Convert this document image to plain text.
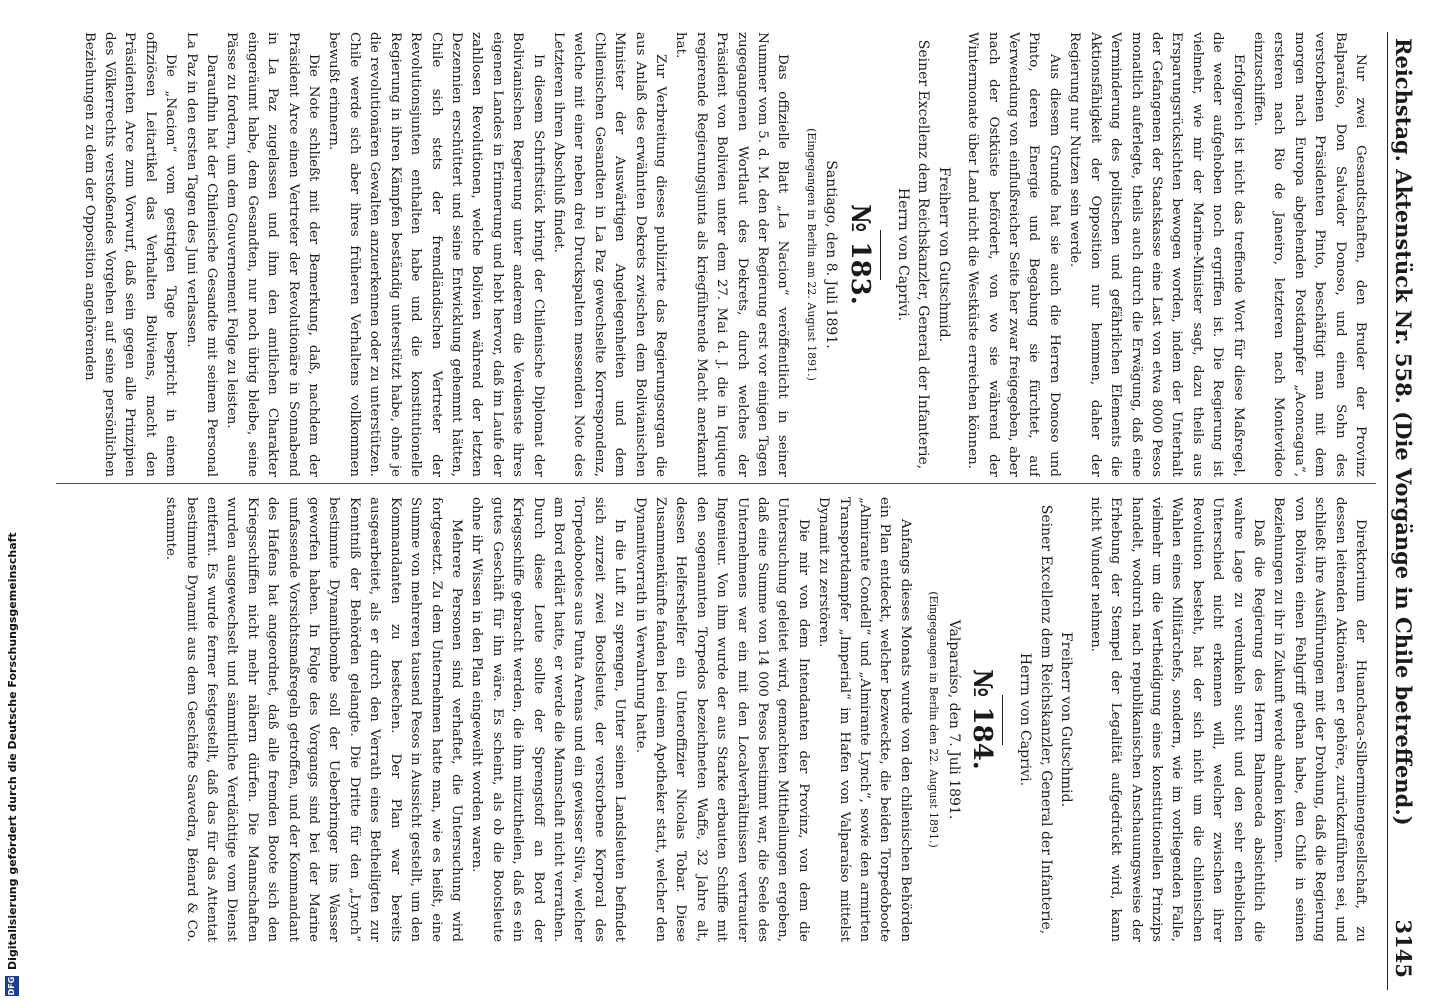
Reichstag. Aktenstück Nr. 558. (Die Vorgänge in Chile betreffend.)
3145

Nur zwei Gesandtschaften, den Bruder der Provinz Balparaíso, Don Salvador Donoso, und einen Sohn des verstorbenen Präsidenten Pinto, beschäftigt man mit dem morgen nach Europa abgehenden Postdampfer „Aconcagua“, ersteren nach Rio de Janeiro, letzteren nach Montevideo einzuschiffen.

Erfolgreich ist nicht das treffende Wort für diese Maßregel, die weder aufgehoben noch ergriffen ist. Die Regierung ist vielmehr, wie mir der Marine-Minister sagt, dazu theils aus Ersparungsrücksichten bewogen worden, indem der Unterhalt der Gefangenen der Staatskasse eine Last von etwa 8000 Pesos monatlich auferlegte, theils auch durch die Erwägung, daß eine Verminderung des politischen und gefährlichen Elements die Aktionsfähigkeit der Opposition nur hemmen, daher der Regierung nur Nutzen sein werde.

Aus diesem Grunde hat sie auch die Herren Donoso und Pinto, deren Energie und Begabung sie fürchtet, auf Verwendung von einflußreicher Seite her zwar freigegeben, aber nach der Ostküste befördert, von wo sie während der Wintermonate über Land nicht die Westküste erreichen können.

Freiherr von Gutschmid.

Seiner Excellenz dem Reichskanzler, General der Infanterie,

Herrn von Caprivi.

№ 183.

Santiago, den 8. Juli 1891.

(Eingegangen in Berlin am 22. August 1891.)

Das offizielle Blatt „La Nacion“ veröffentlicht in seiner Nummer vom 5. d. M. den der Regierung erst vor einigen Tagen zugegangenen Wortlaut des Dekrets, durch welches der Präsident von Bolivien unter dem 27. Mai d. J. die in Iquique regierende Regierungsjunta als kriegführende Macht anerkannt hat.

Zur Verbreitung dieses publizirte das Regierungsorgan die aus Anlaß des erwähnten Dekrets zwischen dem Bolivianischen Minister der Auswärtigen Angelegenheiten und dem Chilenischen Gesandten in La Paz gewechselte Korrespondenz, welche mit einer neben drei Druckspalten messenden Note des Letzteren ihren Abschluß findet.

In diesem Schriftstück bringt der Chilenische Diplomat der Bolivianischen Regierung unter anderem die Verdienste ihres eigenen Landes in Erinnerung und hebt hervor, daß im Laufe der zahllosen Revolutionen, welche Bolivien während der letzten Dezennien erschüttert und seine Entwicklung gehemmt hätten, Chile sich stets der fremdländischen Vertreter der Revolutionsjunten enthalten habe und die konstitutionelle Regierung in ihren Kämpfen beständig unterstützt habe, ohne je die revolutionären Gewalten anzuerkennen oder zu unterstützen. Chile werde sich aber ihres früheren Verhaltens vollkommen bewußt erinnern.

Die Note schließt mit der Bemerkung, daß, nachdem der Präsident Arce einen Vertreter der Revolutionäre in Sonnabend in La Paz zugelassen und ihm den amtlichen Charakter eingeräumt habe, dem Gesandten, nur noch übrig bleibe, seine Pässe zu fordern, um dem Gouvernement Folge zu leisten.

Daraufhin hat der Chilenische Gesandte mit seinem Personal La Paz in den ersten Tagen des Juni verlassen.

Die „Nacion“ vom gestrigen Tage bespricht in einem offiziösen Leitartikel das Verhalten Boliviens, macht den Präsidenten Arce zum Vorwurf, daß sein gegen alle Prinzipien des Völkerrechts verstoßendes Vorgehen auf seine persönlichen Beziehungen zu dem der Opposition angehörenden

Direktorium der Huanchaca-Silberminengesellschaft, zu dessen leitenden Aktionären er gehöre, zurückzuführen sei, und schließt ihre Ausführungen mit der Drohung, daß die Regierung von Bolivien einen Fehlgriff gethan habe, den Chile in seinen Beziehungen zu ihr in Zukunft werde ahnden können.

Daß die Regierung des Herrn Balmaceda absichtlich die wahre Lage zu verdunkeln sucht und den sehr erheblichen Unterschied nicht erkennen will, welcher zwischen ihrer Revolution besteht, hat der sich nicht um die chilenischen Wahlen eines Militärchefs, sondern, wie im vorliegenden Falle, vielmehr um die Vertheidigung eines konstitutionellen Prinzips handelt, wodurch nach republikanischen Anschauungsweise der Erhebung der Stempel der Legalität aufgedrückt wird, kann nicht Wunder nehmen.

Freiherr von Gutschmid.

Seiner Excellenz dem Reichskanzler, General der Infanterie,

Herrn von Caprivi.

№ 184.

Valparaíso, den 7. Juli 1891.

(Eingegangen in Berlin den 22. August 1891.)

Anfangs dieses Monats wurde von den chilenischen Behörden ein Plan entdeckt, welcher bezweckte, die beiden Torpedoboote „Almirante Condell“ und „Almirante Lynch“, sowie den armirten Transportdampfer „Imperial“ im Hafen von Valparaíso mittelst Dynamit zu zerstören.

Die mir von dem Intendanten der Provinz, von dem die Untersuchung geleitet wird, gemachten Mittheilungen ergeben, daß eine Summe von 14 000 Pesos bestimmt war, die Seele des Unternehmens war ein mit den Localverhältnissen vertrauter Ingenieur. Von ihm wurde der aus Starke erbauten Schiffe mit den sogenannten Torpedos bezeichneten Waffe, 32 Jahre alt, dessen Helfershelfer ein Unteroffizier Nicolas Tobar. Diese Zusammenkünfte fanden bei einem Apotheker statt, welcher den Dynamitvorrath in Verwahrung hatte.

In die Luft zu sprengen, Unter seinen Landsleuten befindet sich zurzeit zwei Bootsleute, der verstorbene Korporal des Torpedobootes aus Punta Arenas und ein gewisser Silva, welcher am Bord erklärt hatte, er werde die Mannschaft nicht verrathen. Durch diese Leute sollte der Sprengstoff an Bord der Kriegsschiffe gebracht werden, die ihm mitzutheilen, daß es ein gutes Geschäft für ihn wäre. Es scheint, als ob die Bootsleute ohne ihr Wissen in den Plan eingeweiht worden waren.

Mehrere Personen sind verhaftet, die Untersuchung wird fortgesetzt. Zu dem Unternehmen hatte man, wie es heißt, eine Summe von mehreren tausend Pesos in Aussicht gestellt, um den Kommandanten zu bestechen. Der Plan war bereits ausgearbeitet, als er durch den Verrath eines Betheiligten zur Kenntniß der Behörden gelangte. Die Dritte für den „Lynch“ bestimmte Dynamitbombe soll der Ueberbringer ins Wasser geworfen haben. In Folge des Vorgangs sind bei der Marine umfassende Vorsichtsmaßregeln getroffen, und der Kommandant des Hafens hat angeordnet, daß alle fremden Boote sich den Kriegsschiffen nicht mehr nähern dürfen. Die Mannschaften wurden ausgewechselt und sämmtliche Verdächtige vom Dienst entfernt. Es wurde ferner festgestellt, daß das für das Attentat bestimmte Dynamit aus dem Geschäfte Saavedra, Bénard & Co. stammte.

DFG
Digitalisierung gefördert durch die Deutsche Forschungsgemeinschaft
